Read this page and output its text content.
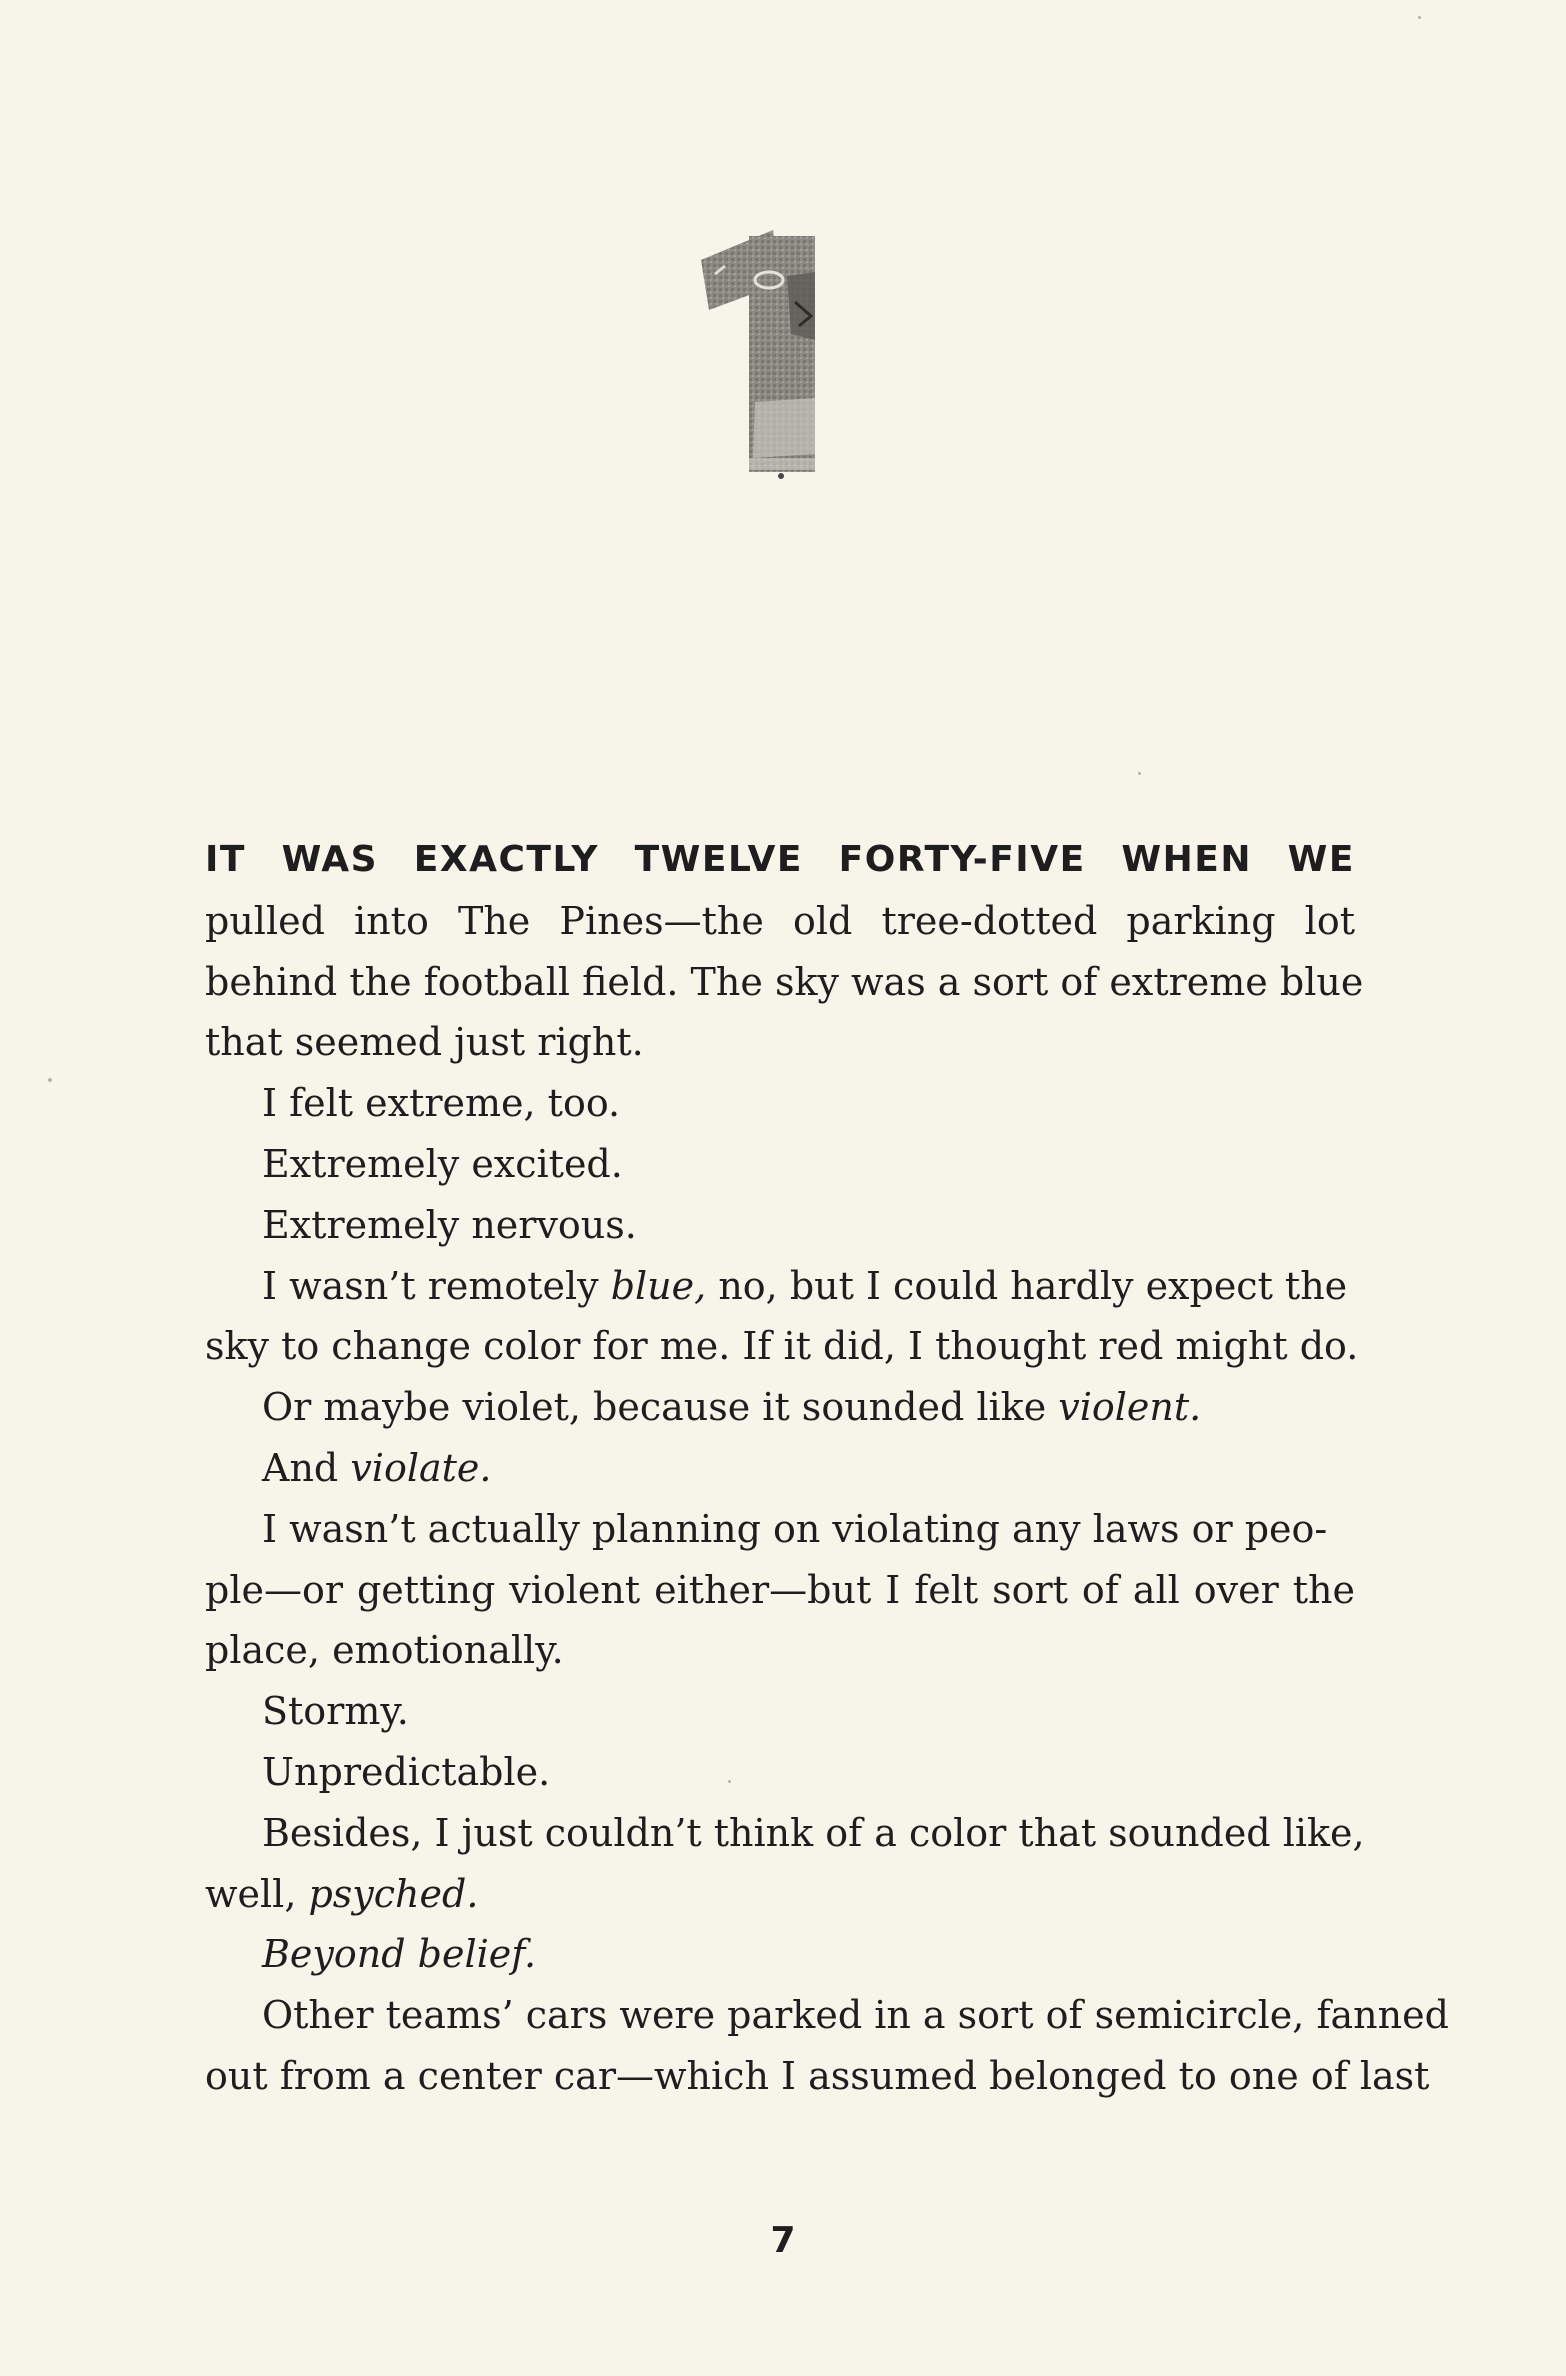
IT WAS EXACTLY TWELVE FORTY-FIVE WHEN WE
pulled into The Pines—the old tree-dotted parking lot
behind the football field. The sky was a sort of extreme blue
that seemed just right.
I felt extreme, too.
Extremely excited.
Extremely nervous.
I wasn’t remotely blue, no, but I could hardly expect the
sky to change color for me. If it did, I thought red might do.
Or maybe violet, because it sounded like violent.
And violate.
I wasn’t actually planning on violating any laws or peo-
ple—or getting violent either—but I felt sort of all over the
place, emotionally.
Stormy.
Unpredictable.
Besides, I just couldn’t think of a color that sounded like,
well, psyched.
Beyond belief.
Other teams’ cars were parked in a sort of semicircle, fanned
out from a center car—which I assumed belonged to one of last
7
